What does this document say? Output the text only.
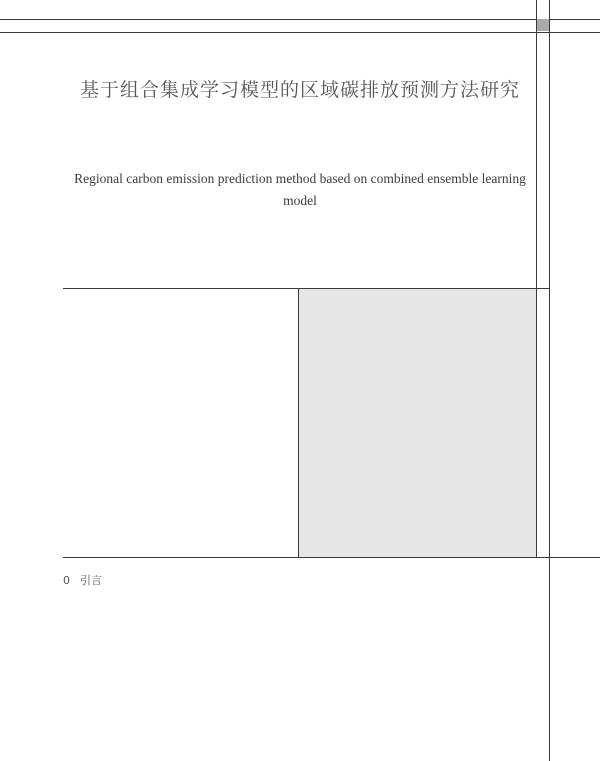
基于组合集成学习模型的区域碳排放预测方法研究
Regional carbon emission prediction method based on combined ensemble learning model
0 引言
